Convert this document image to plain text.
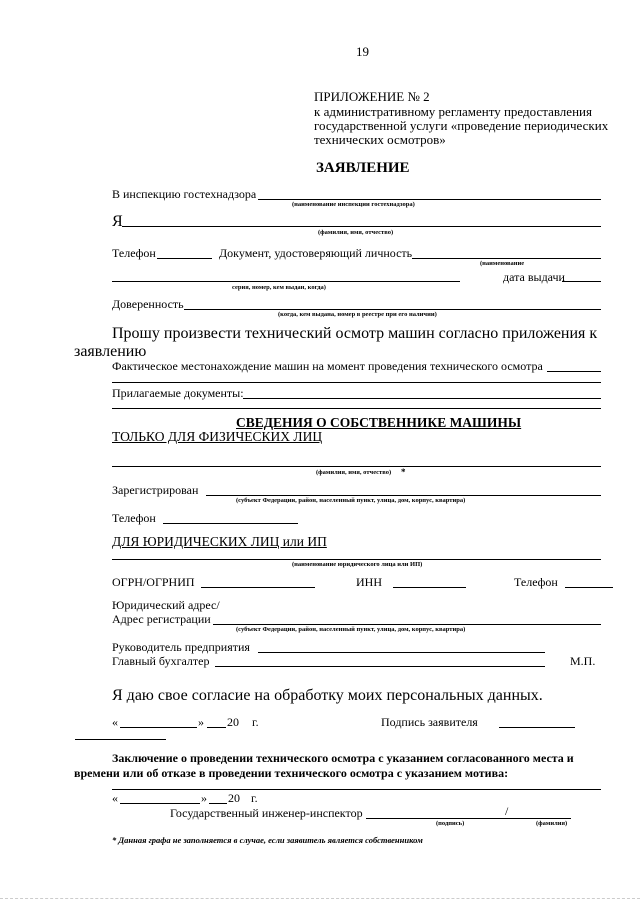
19
ПРИЛОЖЕНИЕ № 2
к административному регламенту предоставления
государственной услуги «проведение периодических
технических осмотров»
ЗАЯВЛЕНИЕ
В инспекцию гостехнадзора
(наименование инспекции гостехнадзора)
Я
(фамилия, имя, отчество)
Телефон	Документ, удостоверяющий личность
(наименование
серия, номер, кем выдан, когда)
дата выдачи
Доверенность
(когда, кем выдана, номер в реестре при его наличии)
Прошу произвести технический осмотр машин согласно приложения к
заявлению
Фактическое местонахождение машин на момент проведения технического осмотра
Прилагаемые документы:
СВЕДЕНИЯ О СОБСТВЕННИКЕ МАШИНЫ
ТОЛЬКО ДЛЯ ФИЗИЧЕСКИХ ЛИЦ
(фамилия, имя, отчество) *
Зарегистрирован
(субъект Федерации, район, населенный пункт, улица, дом, корпус, квартира)
Телефон
ДЛЯ ЮРИДИЧЕСКИХ ЛИЦ или ИП
(наименование юридического лица или ИП)
ОГРН/ОГРНИП	ИНН	Телефон
Юридический адрес/
Адрес регистрации
(субъект Федерации, район, населенный пункт, улица, дом, корпус, квартира)
Руководитель предприятия
Главный бухгалтер	М.П.
Я даю свое согласие на обработку моих персональных данных.
«	» 20 г.	Подпись заявителя
Заключение о проведении технического осмотра с указанием согласованного места и
времени или об отказе в проведении технического осмотра с указанием мотива:
«	» 20 г.
Государственный инженер-инспектор	/
(подпись)	(фамилия)
* Данная графа не заполняется в случае, если заявитель является собственником
